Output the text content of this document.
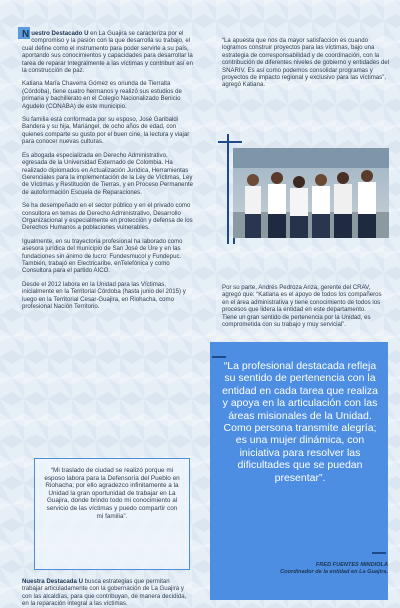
N uestro Destacado U en La Guajira se caracteriza por el compromiso y la pasión con la que desarrolla su trabajo, el cual define como el instrumento para poder servirle a su país, aportando sus conocimientos y capacidades para desarrollar la tarea de reparar íntegralmente a las víctimas y contribuir así en la construcción de paz.

Katiana María Chaverra Gómez es oriunda de Tierralta (Córdoba), tiene cuatro hermanos y realizó sus estudios de primaria y bachillerato en el Colegio Nacionalizado Benicio Agudelo (CONABA) de este municipio.

Su familia está conformada por su esposo, José Garibaldi Bandera y su hija, Mariángel, de ocho años de edad, con quienes comparte su gusto por el buen cine, la lectura y viajar para conocer nuevas culturas.

Es abogada especializada en Derecho Administrativo, egresada de la Universidad Externado de Colombia. Ha realizado diplomados en Actualización Jurídica, Herramientas Gerenciales para la implementación de la Ley de Víctimas, Ley de Víctimas y Restitución de Tierras, y en Proceso Permanente de autoformación Escuela de Reparaciones.

Se ha desempeñado en el sector público y en el privado como consultora en temas de Derecho Administrativo, Desarrollo Organizacional y especialmente en protección y defensa de los Derechos Humanos a poblaciones vulnerables.

Igualmente, en su trayectoria profesional ha laborado como asesora jurídica del municipio de San José de Ure y en las fundaciones sin ánimo de lucro: Fundesmucol y Fundepuc. También, trabajó en Electricaribe, enTelefónica y como Consultora para el partido AICO.

Desde el 2012 labora en la Unidad para las Víctimas, inicialmente en la Territorial Córdoba (hasta junio del 2015) y luego en la Territorial Cesar-Guajira, en Riohacha, como profesional Nación Territorio.

“Mi traslado de ciudad se realizó porque mi esposo labora para la Defensoría del Pueblo en Riohacha; por ello agradezco infinitamente a la Unidad la gran oportunidad de trabajar en La Guajira, donde brindo todo mi conocimiento al servicio de las víctimas y puedo compartir con mi familia”.
Nuestra Destacada U busca estrategias que permitan trabajar articuladamente con la gobernación de La Guajira y con las alcaldías, para que contribuyan, de manera decidida, en la reparación integral a las víctimas.
“La apuesta que nos da mayor satisfacción es cuando logramos construir proyectos para las víctimas, bajo una estrategia de corresponsabilidad y de coordinación, con la contribución de diferentes niveles de gobierno y entidades del SNARIV. Es así como podemos consolidar programas y proyectos de impacto regional y exclusivo para las víctimas”, agregó Katiana.
Por su parte, Andrés Pedroza Ariza, gerente del CRAV, agregó que: “Katiana es el apoyo de todos los compañeros en el área administrativa y tiene conocimiento de todos los procesos que lidera la entidad en este departamento. Tiene un gran sentido de pertenencia por la Unidad, es comprometida con su trabajo y muy servicial”.
“La profesional destacada refleja su sentido de pertenencia con la entidad en cada tarea que realiza y apoya en la articulación con las áreas misionales de la Unidad. Como persona transmite alegría; es una mujer dinámica, con iniciativa para resolver las dificultades que se puedan presentar”.
FRED FUENTES MINDIOLA
Coordinador de la entidad en La Guajira.
